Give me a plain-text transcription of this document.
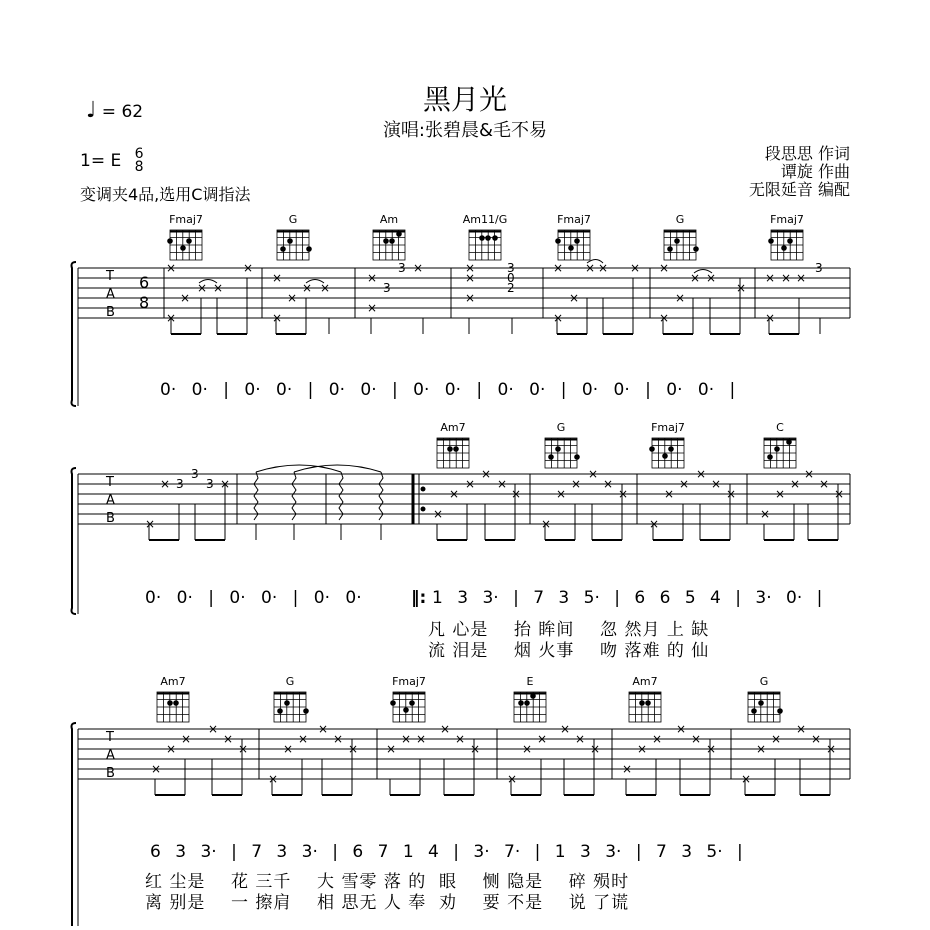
黑月光
演唱:张碧晨&毛不易
♩ = 62
1= E 6
8
变调夹4品,选用C调指法
段思思 作词
谭旋 作曲
无限延音 编配
Fmaj7	G	Am	Am11/G	Fmaj7	G	Fmaj7
Am7	G	Fmaj7	C
Am7	G	Fmaj7	E	Am7	G
T
A
B
6
8
T
A
B
T
A
B
×
×
×
× ×
×
×
×
×
× ×
×
×
3
3 ×	×
×
×
3
0
2
×
×
×
× × × ×
×
×
× ×
×
×
×
× ×
3
×
× 3
3
3 ×
×
×
×
×
×
×
×
×
×
×
×
×
×
×
×
×
×
×
×
×
×
×
×
×
×
×
×
×
×
×
×
×
×
×
×
× ×
× ×
×
×
×
×
×
×
×
×
×
×
×
×
×
×
×
×
×
×
×
×
×
0· 0· | 0· 0· | 0· 0· | 0· 0· | 0· 0· | 0· 0· | 0· 0· |
0· 0· | 0· 0· | 0· 0·	‖: 1 3 3· | 7 3 5· | 6 6 5 4 | 3· 0· |
凡 心是    抬 眸间    忽 然月 上 缺
流 泪是    烟 火事    吻 落难 的 仙
6 3 3· | 7 3 3· | 6 7 1 4 | 3· 7· | 1 3 3· | 7 3 5· |
红 尘是    花 三千    大 雪零 落 的  眼    恻 隐是    碎 殒时
离 别是    一 擦肩    相 思无 人 奉  劝    要 不是    说 了谎
